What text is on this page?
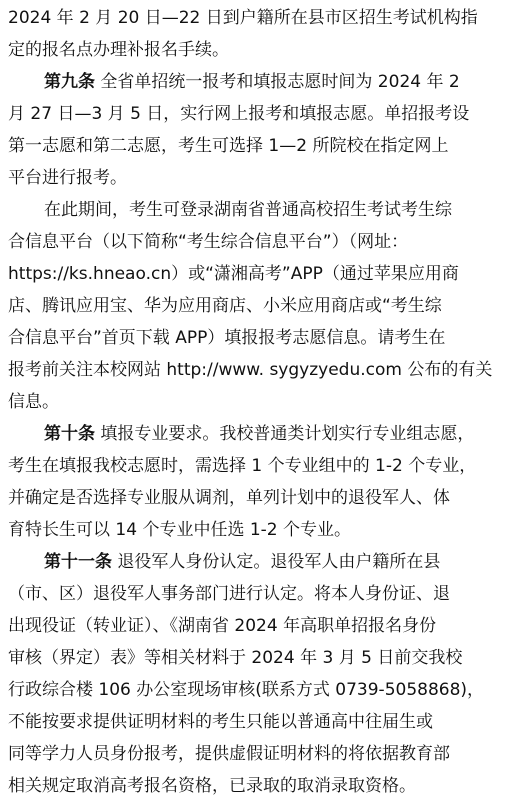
2024 年 2 月 20 日—22 日到户籍所在县市区招生考试机构指
定的报名点办理补报名手续。
第九条 全省单招统一报考和填报志愿时间为 2024 年 2
月 27 日—3 月 5 日，实行网上报考和填报志愿。单招报考设
第一志愿和第二志愿，考生可选择 1—2 所院校在指定网上
平台进行报考。
在此期间，考生可登录湖南省普通高校招生考试考生综
合信息平台（以下简称“考生综合信息平台”）（网址：
https://ks.hneao.cn）或“潇湘高考”APP（通过苹果应用商
店、腾讯应用宝、华为应用商店、小米应用商店或“考生综
合信息平台”首页下载 APP）填报报考志愿信息。请考生在
报考前关注本校网站 http://www. sygyzyedu.com 公布的有关
信息。
第十条 填报专业要求。我校普通类计划实行专业组志愿，
考生在填报我校志愿时，需选择 1 个专业组中的 1-2 个专业，
并确定是否选择专业服从调剂，单列计划中的退役军人、体
育特长生可以 14 个专业中任选 1-2 个专业。
第十一条 退役军人身份认定。退役军人由户籍所在县
（市、区）退役军人事务部门进行认定。将本人身份证、退
出现役证（转业证）、《湖南省 2024 年高职单招报名身份
审核（界定）表》等相关材料于 2024 年 3 月 5 日前交我校
行政综合楼 106 办公室现场审核(联系方式 0739-5058868)，
不能按要求提供证明材料的考生只能以普通高中往届生或
同等学力人员身份报考，提供虚假证明材料的将依据教育部
相关规定取消高考报名资格，已录取的取消录取资格。
